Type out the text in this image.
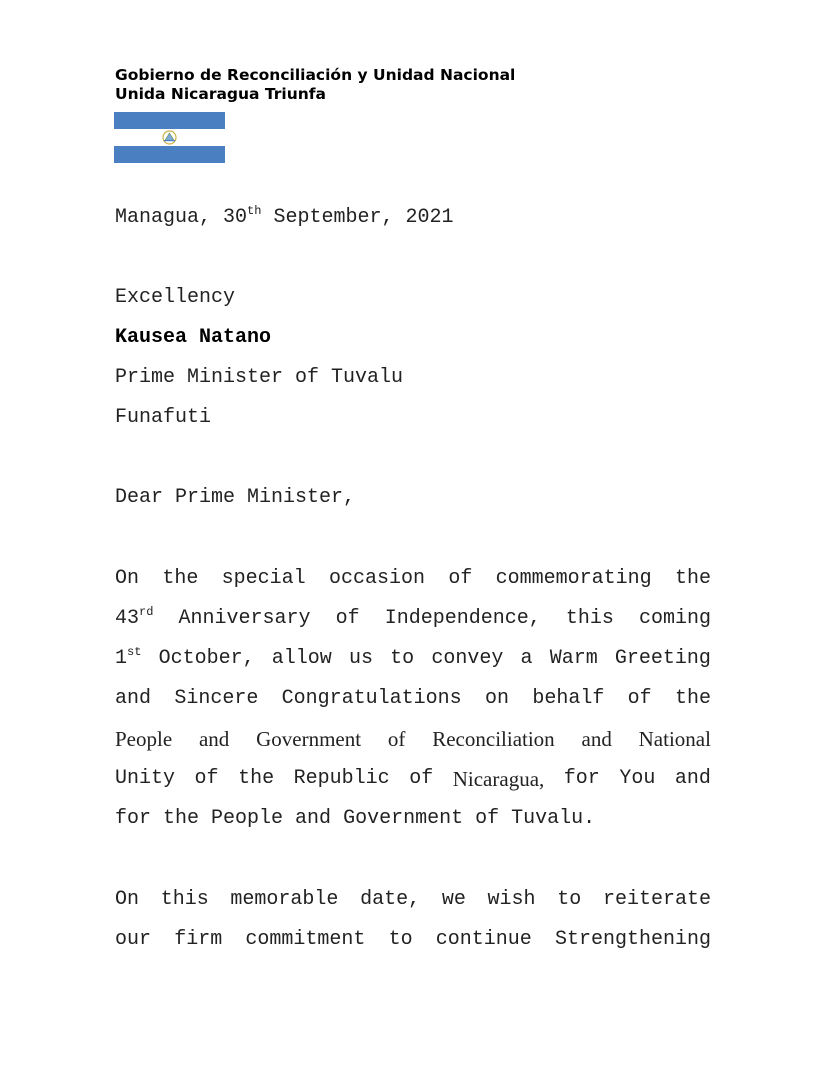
Gobierno de Reconciliación y Unidad Nacional
Unida Nicaragua Triunfa
Managua, 30th September, 2021
Excellency
Kausea Natano
Prime Minister of Tuvalu
Funafuti
Dear Prime Minister,
On the special occasion of commemorating the
43rd Anniversary of Independence, this coming
1st October, allow us to convey a Warm Greeting
and Sincere Congratulations on behalf of the
People and Government of Reconciliation and National
Unity of the Republic of Nicaragua, for You and
for the People and Government of Tuvalu.
On this memorable date, we wish to reiterate
our firm commitment to continue Strengthening
